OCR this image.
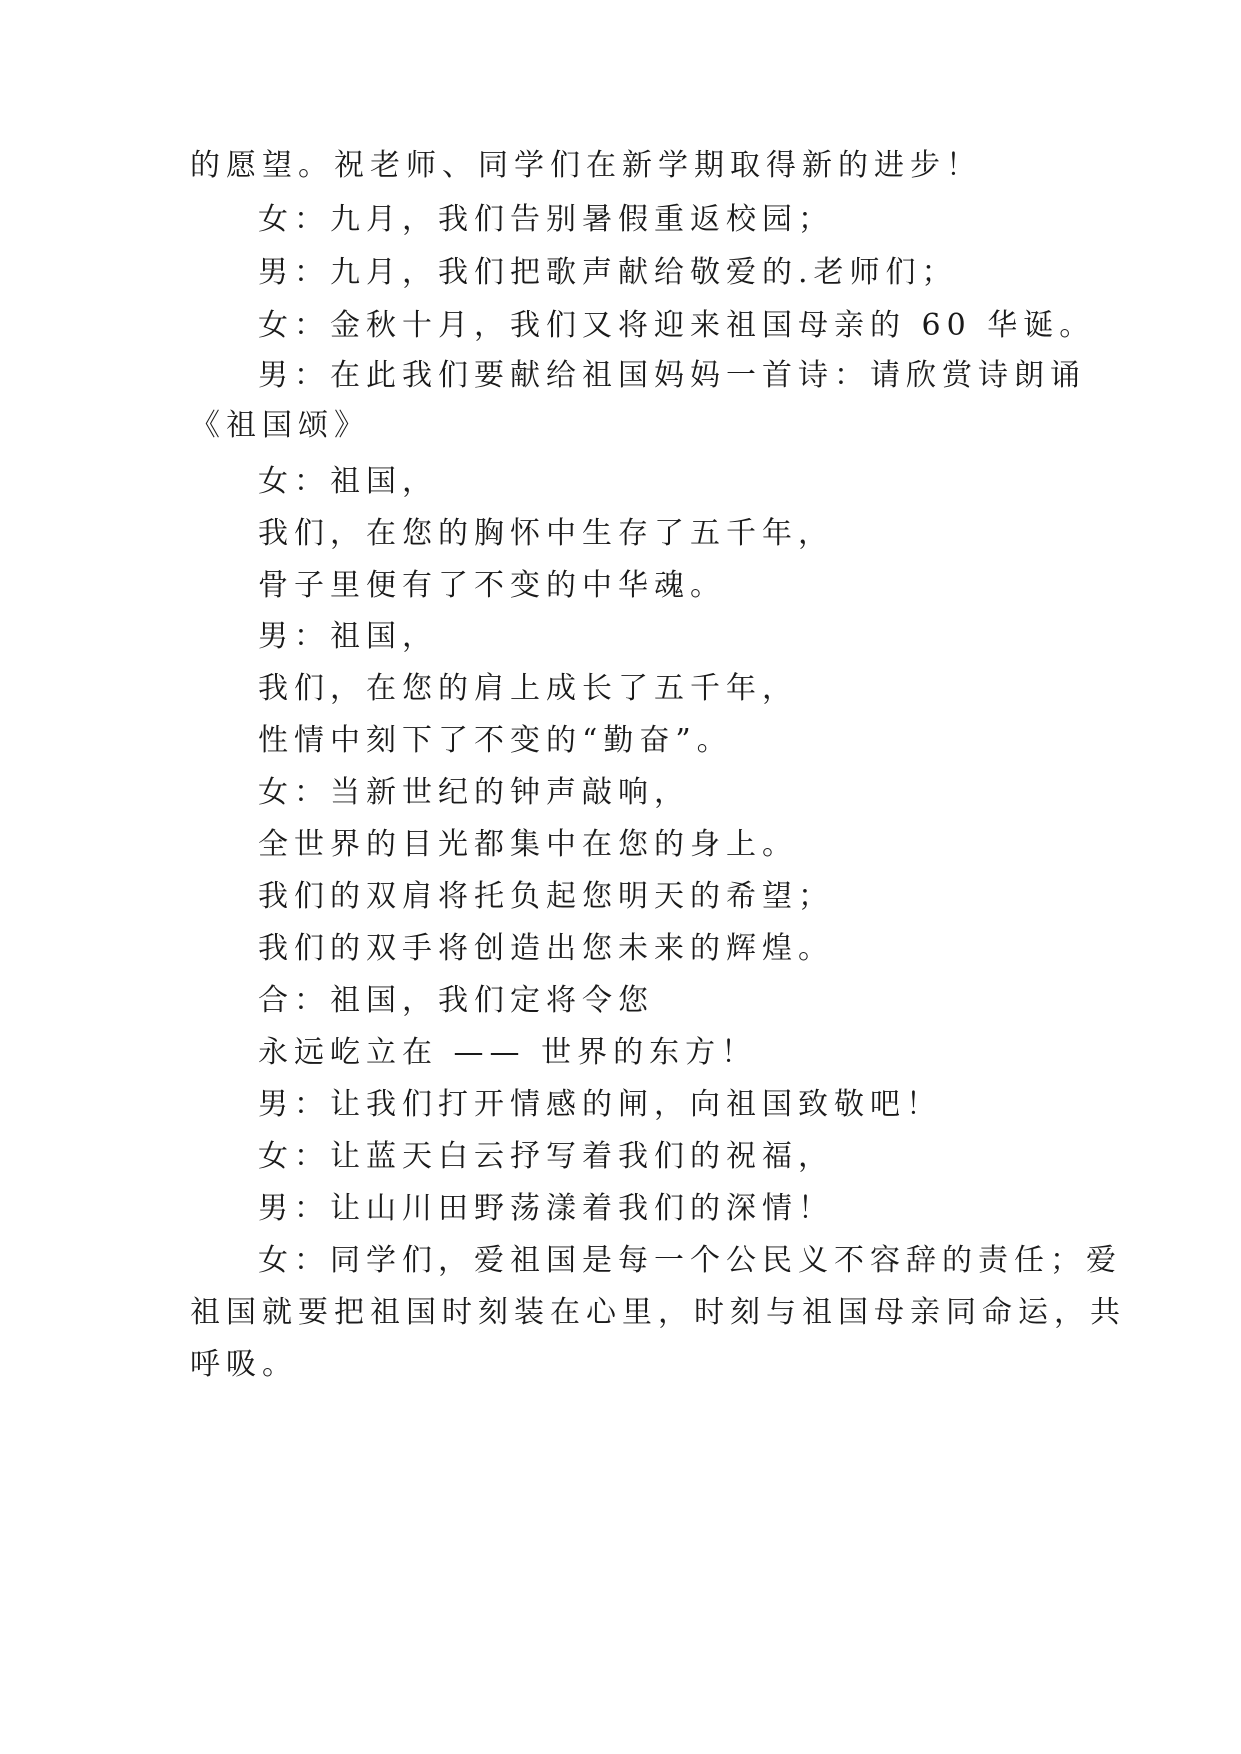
的愿望。祝老师、同学们在新学期取得新的进步！
女：九月，我们告别暑假重返校园；
男：九月，我们把歌声献给敬爱的.老师们；
女：金秋十月，我们又将迎来祖国母亲的 60 华诞。
男：在此我们要献给祖国妈妈一首诗：请欣赏诗朗诵
《祖国颂》
女：祖国，
我们，在您的胸怀中生存了五千年，
骨子里便有了不变的中华魂。
男：祖国，
我们，在您的肩上成长了五千年，
性情中刻下了不变的“勤奋”。
女：当新世纪的钟声敲响，
全世界的目光都集中在您的身上。
我们的双肩将托负起您明天的希望；
我们的双手将创造出您未来的辉煌。
合：祖国，我们定将令您
永远屹立在 —— 世界的东方！
男：让我们打开情感的闸，向祖国致敬吧！
女：让蓝天白云抒写着我们的祝福，
男：让山川田野荡漾着我们的深情！
女：同学们，爱祖国是每一个公民义不容辞的责任；爱
祖国就要把祖国时刻装在心里，时刻与祖国母亲同命运，共
呼吸。
